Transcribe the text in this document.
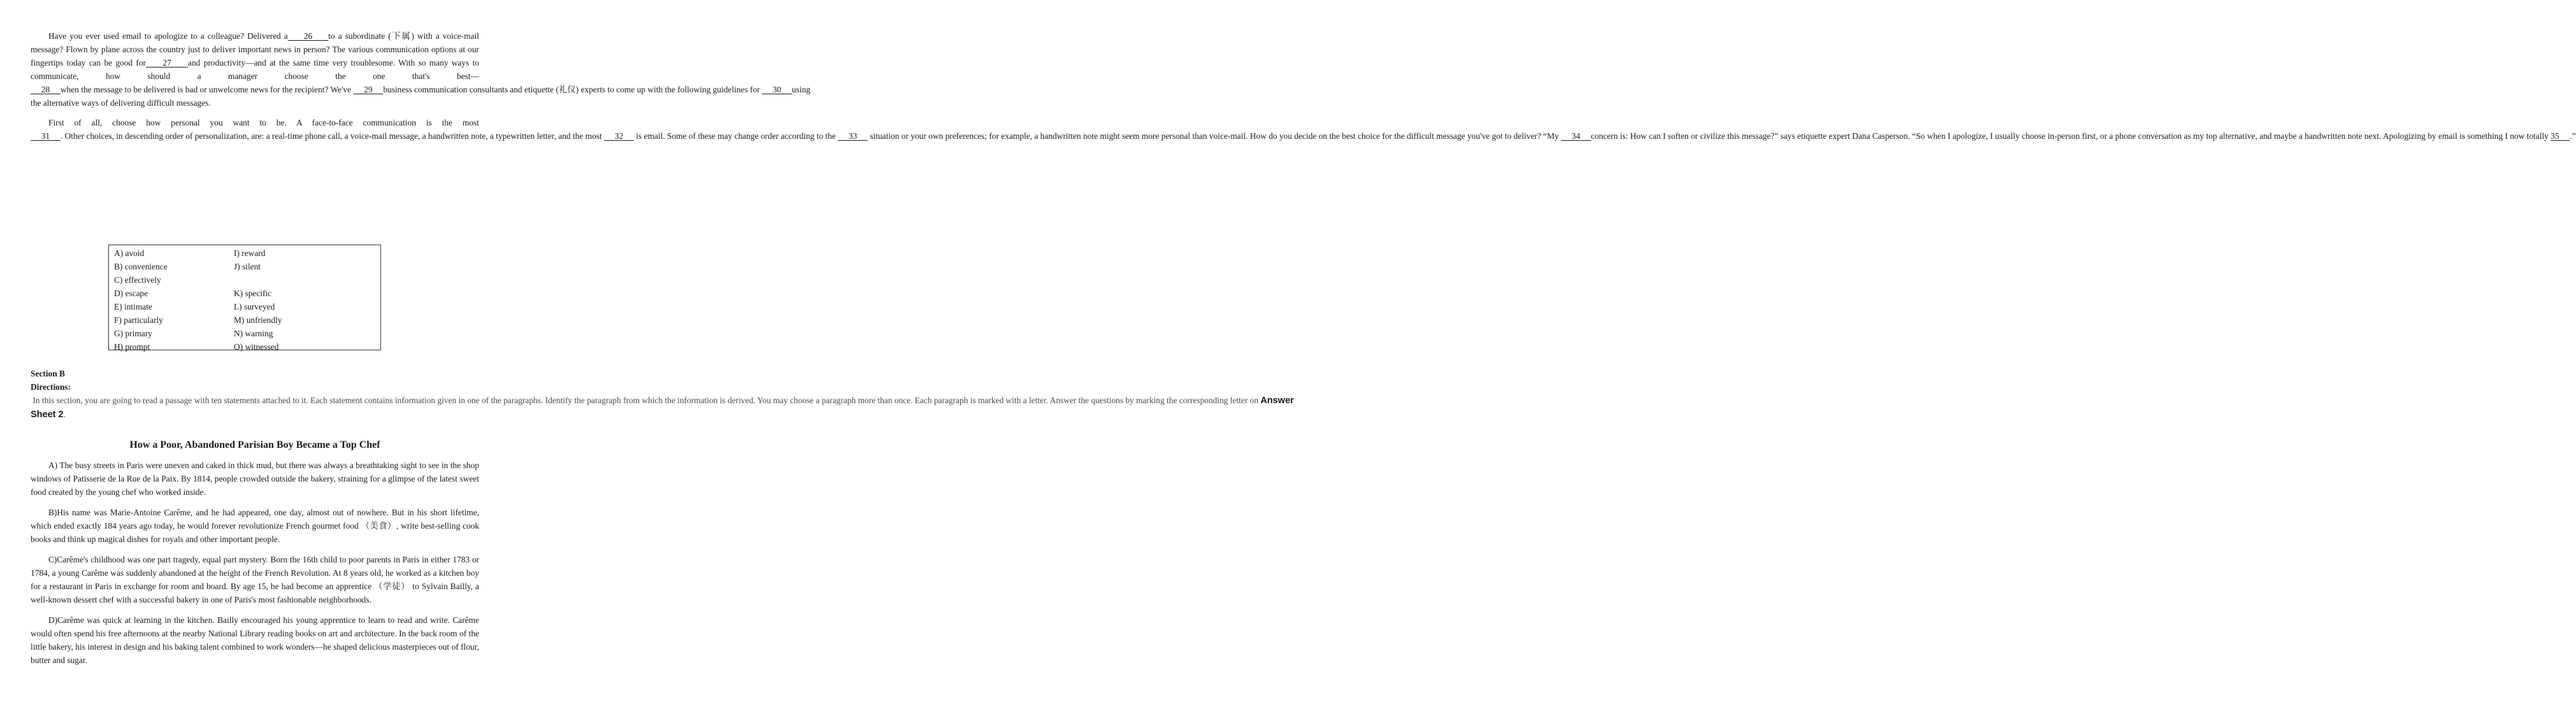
Have you ever used email to apologize to a colleague? Delivered a     26     to a subordinate (下属) with a voice-mail message? Flown by plane across the country just to deliver important news in person? The various communication options at our fingertips today can be good for     27     and productivity—and at the same time very troublesome. With so many ways to communicate, how should a manager choose the one that's best—     28     when the message to be delivered is bad or unwelcome news for the recipient? We've      29     business communication consultants and etiquette (礼仪) experts to come up with the following guidelines for      30     using the alternative ways of delivering difficult messages.

First of all, choose how personal you want to be. A face-to-face communication is the most     31     . Other choices, in descending order of personalization, are: a real-time phone call, a voice-mail message, a handwritten note, a typewritten letter, and the most      32      is email. Some of these may change order according to the      33      situation or your own preferences; for example, a handwritten note might seem more personal than voice-mail. How do you decide on the best choice for the difficult message you've got to deliver? “My      34     concern is: How can I soften or civilize this message?” says etiquette expert Dana Casperson. “So when I apologize, I usually choose in-person first, or a phone conversation as my top alternative, and maybe a handwritten note next. Apologizing by email is something I now totally 35     .”

A) avoid	I) reward
B) convenience	J) silent
C) effectively
D) escape	K) specific
E) intimate	L) surveyed
F) particularly	M) unfriendly
G) primary	N) warning
H) prompt	O) witnessed

Section B

Directions: In this section, you are going to read a passage with ten statements attached to it. Each statement contains information given in one of the paragraphs. Identify the paragraph from which the information is derived. You may choose a paragraph more than once. Each paragraph is marked with a letter. Answer the questions by marking the corresponding letter on Answer Sheet 2.

How a Poor, Abandoned Parisian Boy Became a Top Chef

A) The busy streets in Paris were uneven and caked in thick mud, but there was always a breathtaking sight to see in the shop windows of Patisserie de la Rue de la Paix. By 1814, people crowded outside the bakery, straining for a glimpse of the latest sweet food created by the young chef who worked inside.

B)His name was Marie-Antoine Carême, and he had appeared, one day, almost out of nowhere. But in his short lifetime, which ended exactly 184 years ago today, he would forever revolutionize French gourmet food （美食）, write best-selling cook books and think up magical dishes for royals and other important people.

C)Carême's childhood was one part tragedy, equal part mystery. Born the 16th child to poor parents in Paris in either 1783 or 1784, a young Carême was suddenly abandoned at the height of the French Revolution. At 8 years old, he worked as a kitchen boy for a restaurant in Paris in exchange for room and board. By age 15, he had become an apprentice （学徒） to Sylvain Bailly, a well-known dessert chef with a successful bakery in one of Paris's most fashionable neighborhoods.

D)Carême was quick at learning in the kitchen. Bailly encouraged his young apprentice to learn to read and write. Carême would often spend his free afternoons at the nearby National Library reading books on art and architecture. In the back room of the little bakery, his interest in design and his baking talent combined to work wonders—he shaped delicious masterpieces out of flour, butter and sugar.
